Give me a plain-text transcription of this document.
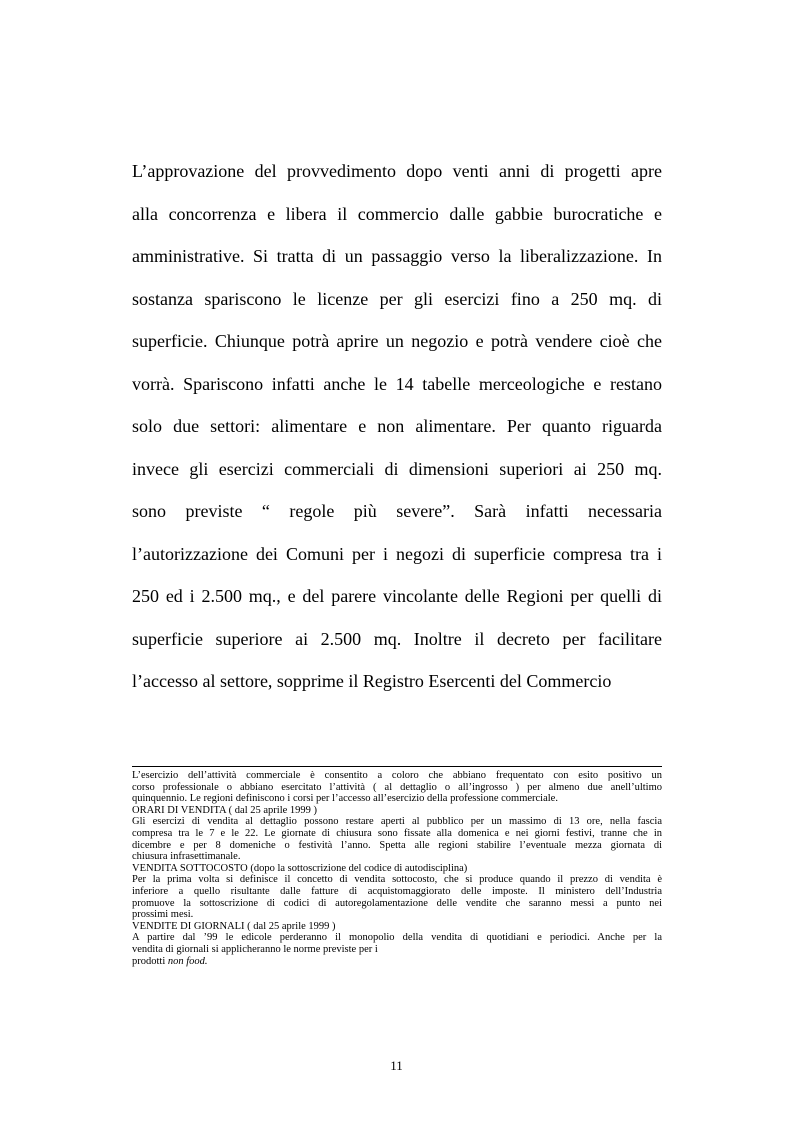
L’approvazione del provvedimento dopo venti anni di progetti apre
alla concorrenza e libera il commercio dalle gabbie burocratiche e
amministrative. Si tratta di un passaggio verso la liberalizzazione. In
sostanza spariscono le licenze per gli esercizi fino a 250 mq. di
superficie. Chiunque potrà aprire un negozio e potrà vendere cioè che
vorrà. Spariscono infatti anche le 14 tabelle merceologiche e restano
solo due settori: alimentare e non alimentare. Per quanto riguarda
invece gli esercizi commerciali di dimensioni superiori ai 250 mq.
sono previste “ regole più severe”. Sarà infatti necessaria
l’autorizzazione dei Comuni per i negozi di superficie compresa tra i
250 ed i 2.500 mq., e del parere vincolante delle Regioni per quelli di
superficie superiore ai 2.500 mq. Inoltre il decreto per facilitare
l’accesso al settore, sopprime il Registro Esercenti del Commercio
L’esercizio dell’attività commerciale è consentito a coloro che abbiano frequentato con esito positivo un
corso professionale o abbiano esercitato l’attività ( al dettaglio o all’ingrosso ) per almeno due anell’ultimo
quinquennio. Le regioni definiscono i corsi per l’accesso all’esercizio della professione commerciale.
ORARI DI VENDITA ( dal 25 aprile 1999 )
Gli esercizi di vendita al dettaglio possono restare aperti al pubblico per un massimo di 13 ore, nella fascia
compresa tra le 7 e le 22. Le giornate di chiusura sono fissate alla domenica e nei giorni festivi, tranne che in
dicembre e per 8 domeniche o festività l’anno. Spetta alle regioni stabilire l’eventuale mezza giornata di
chiusura infrasettimanale.
VENDITA SOTTOCOSTO (dopo la sottoscrizione del codice di autodisciplina)
Per la prima volta si definisce il concetto di vendita sottocosto, che si produce quando il prezzo di vendita è
inferiore a quello risultante dalle fatture di acquistomaggiorato delle imposte. Il ministero dell’Industria
promuove la sottoscrizione di codici di autoregolamentazione delle vendite che saranno messi a punto nei
prossimi mesi.
VENDITE DI GIORNALI ( dal 25 aprile 1999 )
A partire dal ’99 le edicole perderanno il monopolio della vendita di quotidiani e periodici. Anche per la
vendita di giornali si applicheranno le norme previste per i
prodotti non food.
11
